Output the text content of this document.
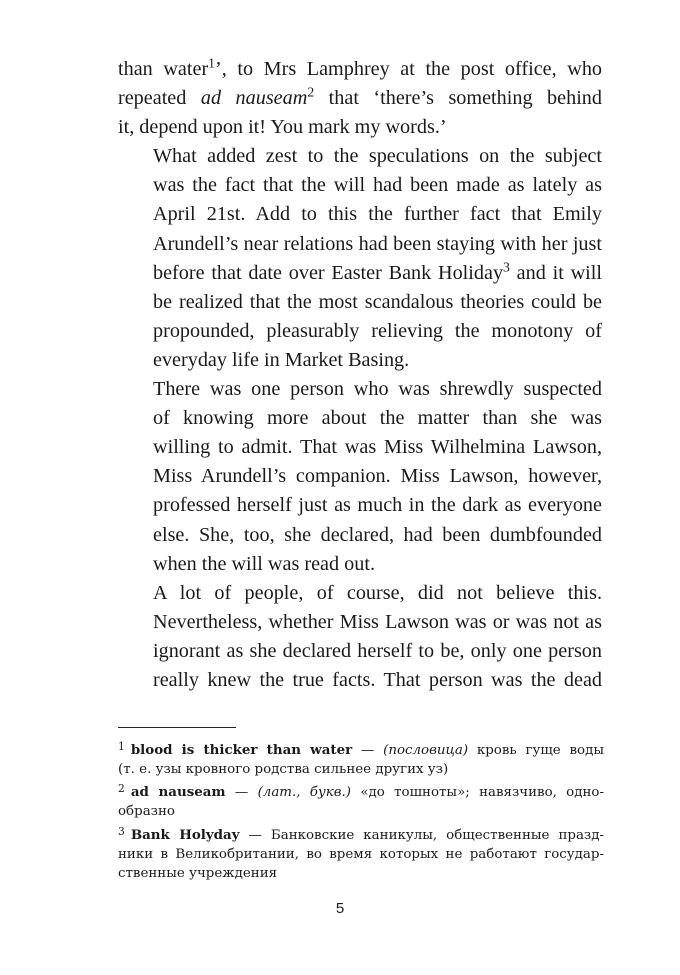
than water$^1$’, to Mrs Lamphrey at the post office, who
repeated ad nauseam$^2$ that ‘there’s something behind
it, depend upon it! You mark my words.’

What added zest to the speculations on the subject
was the fact that the will had been made as lately as
April 21st. Add to this the further fact that Emily
Arundell’s near relations had been staying with her just
before that date over Easter Bank Holiday$^3$ and it will
be realized that the most scandalous theories could be
propounded, pleasurably relieving the monotony of
everyday life in Market Basing.

There was one person who was shrewdly suspected
of knowing more about the matter than she was
willing to admit. That was Miss Wilhelmina Lawson,
Miss Arundell’s companion. Miss Lawson, however,
professed herself just as much in the dark as everyone
else. She, too, she declared, had been dumbfounded
when the will was read out.

A lot of people, of course, did not believe this.
Nevertheless, whether Miss Lawson was or was not as
ignorant as she declared herself to be, only one person
really knew the true facts. That person was the dead

$^1$ blood is thicker than water — (пословица) кровь гуще воды
(т. е. узы кровного родства сильнее других уз)
$^2$ ad nauseam — (лат., букв.) «до тошноты»; навязчиво, одно-
образно
$^3$ Bank Holyday — Банковские каникулы, общественные празд-
ники в Великобритании, во время которых не работают государ-
ственные учреждения
5
